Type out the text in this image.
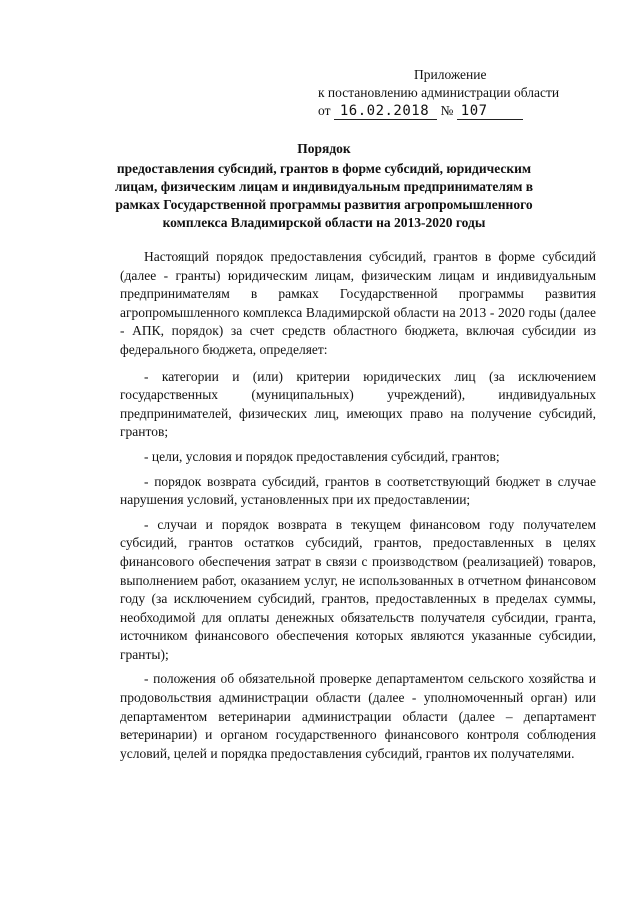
Приложение
к постановлению администрации области
от 16.02.2018 № 107
Порядок
предоставления субсидий, грантов в форме субсидий, юридическим лицам, физическим лицам и индивидуальным предпринимателям в рамках Государственной программы развития агропромышленного комплекса Владимирской области на 2013-2020 годы

Настоящий порядок предоставления субсидий, грантов в форме субсидий (далее - гранты) юридическим лицам, физическим лицам и индивидуальным предпринимателям в рамках Государственной программы развития агропромышленного комплекса Владимирской области на 2013 - 2020 годы (далее - АПК, порядок) за счет средств областного бюджета, включая субсидии из федерального бюджета, определяет:

- категории и (или) критерии юридических лиц (за исключением государственных (муниципальных) учреждений), индивидуальных предпринимателей, физических лиц, имеющих право на получение субсидий, грантов;

- цели, условия и порядок предоставления субсидий, грантов;

- порядок возврата субсидий, грантов в соответствующий бюджет в случае нарушения условий, установленных при их предоставлении;

- случаи и порядок возврата в текущем финансовом году получателем субсидий, грантов остатков субсидий, грантов, предоставленных в целях финансового обеспечения затрат в связи с производством (реализацией) товаров, выполнением работ, оказанием услуг, не использованных в отчетном финансовом году (за исключением субсидий, грантов, предоставленных в пределах суммы, необходимой для оплаты денежных обязательств получателя субсидии, гранта, источником финансового обеспечения которых являются указанные субсидии, гранты);

- положения об обязательной проверке департаментом сельского хозяйства и продовольствия администрации области (далее - уполномоченный орган) или департаментом ветеринарии администрации области (далее – департамент ветеринарии) и органом государственного финансового контроля соблюдения условий, целей и порядка предоставления субсидий, грантов их получателями.
